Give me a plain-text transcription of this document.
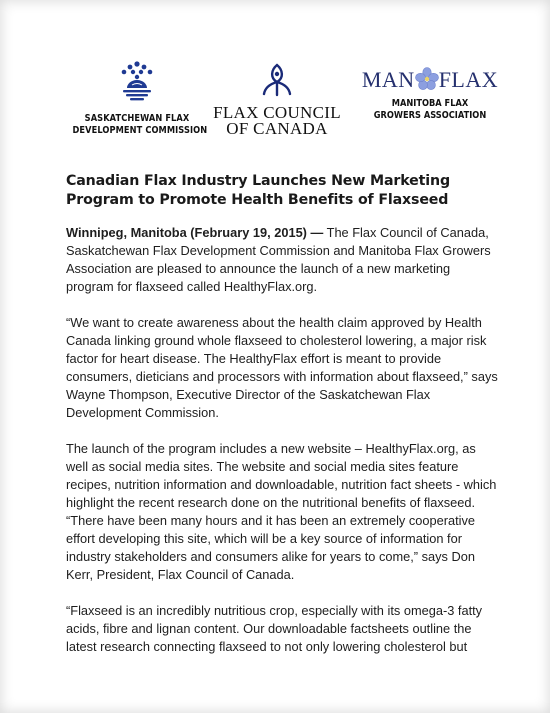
SASKATCHEWAN FLAX
DEVELOPMENT COMMISSION
FLAX COUNCIL
OF CANADA
MAN FLAX
MANITOBA FLAX
GROWERS ASSOCIATION
Canadian Flax Industry Launches New Marketing
Program to Promote Health Benefits of Flaxseed

Winnipeg, Manitoba (February 19, 2015) — The Flax Council of Canada, Saskatchewan Flax Development Commission and Manitoba Flax Growers Association are pleased to announce the launch of a new marketing program for flaxseed called HealthyFlax.org.

“We want to create awareness about the health claim approved by Health Canada linking ground whole flaxseed to cholesterol lowering, a major risk factor for heart disease. The HealthyFlax effort is meant to provide consumers, dieticians and processors with information about flaxseed,” says Wayne Thompson, Executive Director of the Saskatchewan Flax Development Commission.

The launch of the program includes a new website – HealthyFlax.org, as well as social media sites. The website and social media sites feature recipes, nutrition information and downloadable, nutrition fact sheets - which highlight the recent research done on the nutritional benefits of flaxseed. “There have been many hours and it has been an extremely cooperative effort developing this site, which will be a key source of information for industry stakeholders and consumers alike for years to come,” says Don Kerr, President, Flax Council of Canada.

“Flaxseed is an incredibly nutritious crop, especially with its omega-3 fatty acids, fibre and lignan content. Our downloadable factsheets outline the latest research connecting flaxseed to not only lowering cholesterol but
